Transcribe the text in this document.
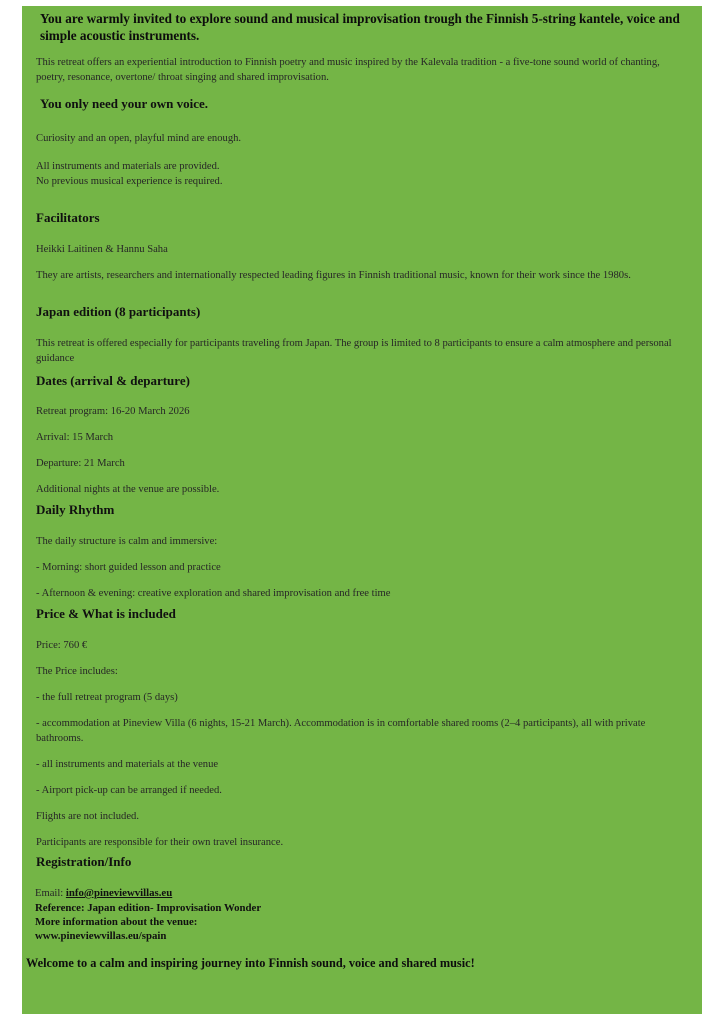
You are warmly invited to explore sound and musical improvisation trough the Finnish 5-string kantele, voice and simple acoustic instruments.

This retreat offers an experiential introduction to Finnish poetry and music inspired by the Kalevala tradition - a five-tone sound world of chanting, poetry, resonance, overtone/ throat singing and shared improvisation.

You only need your own voice.

Curiosity and an open, playful mind are enough.

All instruments and materials are provided.

No previous musical experience is required.

Facilitators

Heikki Laitinen & Hannu Saha

They are artists, researchers and internationally respected leading figures in Finnish traditional music, known for their work since the 1980s.

Japan edition (8 participants)

This retreat is offered especially for participants traveling from Japan. The group is limited to 8 participants to ensure a calm atmosphere and personal guidance

Dates (arrival & departure)

Retreat program: 16-20 March 2026

Arrival: 15 March

Departure: 21 March

Additional nights at the venue are possible.

Daily Rhythm

The daily structure is calm and immersive:

- Morning: short guided lesson and practice

- Afternoon & evening: creative exploration and shared improvisation and free time

Price & What is included

Price: 760 €

The Price includes:

- the full retreat program (5 days)

- accommodation at Pineview Villa (6 nights, 15-21 March). Accommodation is in comfortable shared rooms (2–4 participants), all with private bathrooms.

- all instruments and materials at the venue

- Airport pick-up can be arranged if needed.

Flights are not included.

Participants are responsible for their own travel insurance.

Registration/Info

Email: info@pineviewvillas.eu

Reference: Japan edition- Improvisation Wonder

More information about the venue:

www.pineviewvillas.eu/spain

Welcome to a calm and inspiring journey into Finnish sound, voice and shared music!
